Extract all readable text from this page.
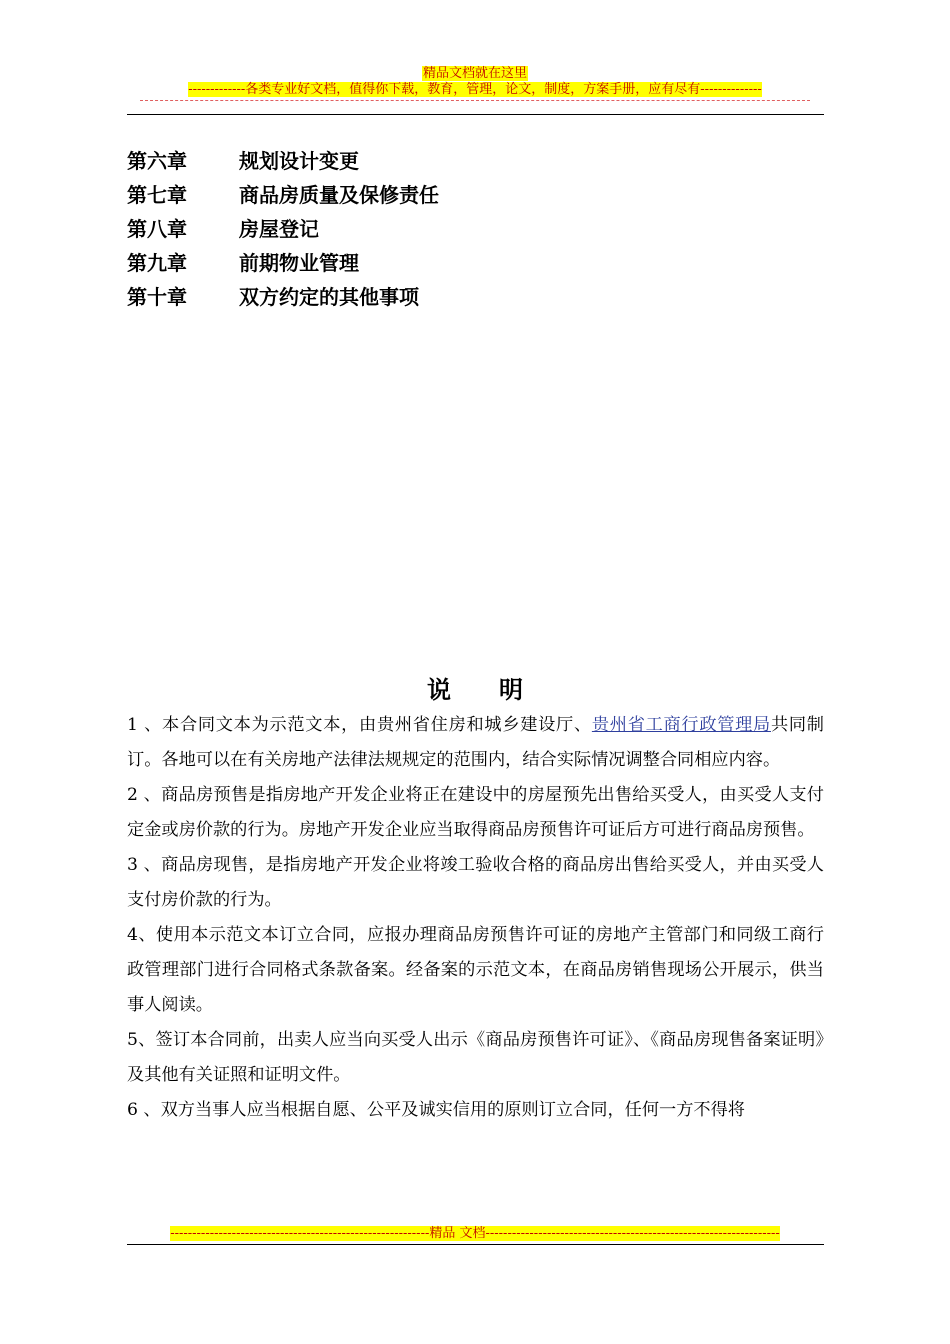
精品文档就在这里
-------------各类专业好文档，值得你下载，教育，管理，论文，制度，方案手册，应有尽有--------------
第六章	规划设计变更
第七章	商品房质量及保修责任
第八章	房屋登记
第九章	前期物业管理
第十章	双方约定的其他事项
说 明

1 、本合同文本为示范文本，由贵州省住房和城乡建设厅、贵州省工商行政管理局共同制订。各地可以在有关房地产法律法规规定的范围内，结合实际情况调整合同相应内容。

2 、商品房预售是指房地产开发企业将正在建设中的房屋预先出售给买受人，由买受人支付定金或房价款的行为。房地产开发企业应当取得商品房预售许可证后方可进行商品房预售。

3 、商品房现售，是指房地产开发企业将竣工验收合格的商品房出售给买受人，并由买受人支付房价款的行为。

4、使用本示范文本订立合同，应报办理商品房预售许可证的房地产主管部门和同级工商行政管理部门进行合同格式条款备案。经备案的示范文本，在商品房销售现场公开展示，供当事人阅读。

5、签订本合同前，出卖人应当向买受人出示《商品房预售许可证》、《商品房现售备案证明》及其他有关证照和证明文件。

6 、双方当事人应当根据自愿、公平及诚实信用的原则订立合同，任何一方不得将

-----------------------------------------------------------精品 文档-------------------------------------------------------------------
